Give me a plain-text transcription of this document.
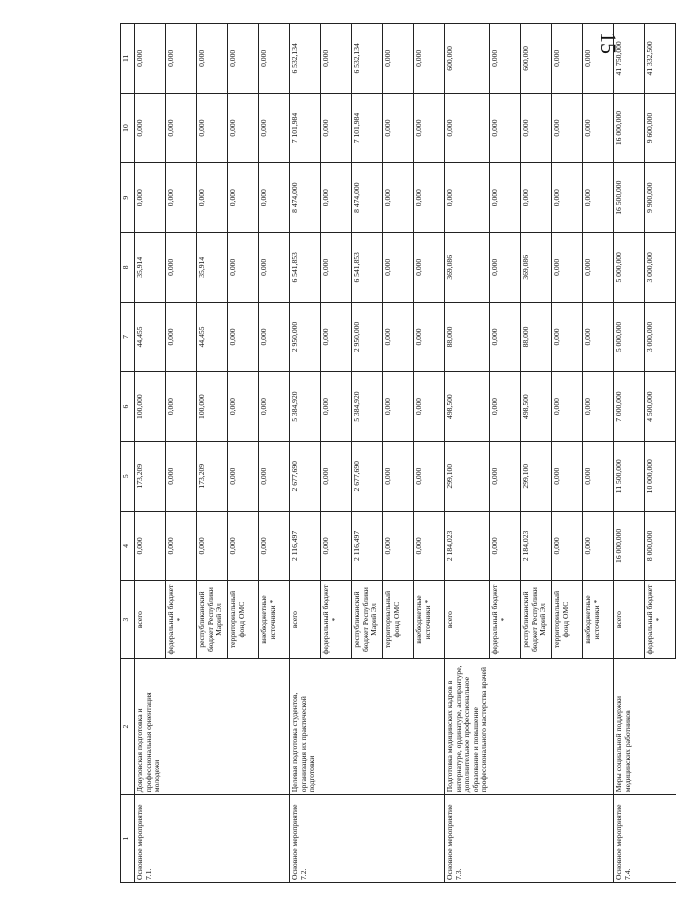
15
1	2	3	4	5	6	7	8	9	10	11
Основное мероприятие 7.1.	Довузовская подготовка и профессиональная ориентация молодежи	всего	0,000	173,209	100,000	44,455	35,914	0,000	0,000	0,000
		федеральный бюджет *	0,000	0,000	0,000	0,000	0,000	0,000	0,000	0,000
		республиканский бюджет Республики Марий Эл	0,000	173,209	100,000	44,455	35,914	0,000	0,000	0,000
		территориальный фонд ОМС	0,000	0,000	0,000	0,000	0,000	0,000	0,000	0,000
		внебюджетные источники *	0,000	0,000	0,000	0,000	0,000	0,000	0,000	0,000
Основное мероприятие 7.2.	Целевая подготовка студентов, организация их практической подготовки	всего	2 116,497	2 677,690	5 384,920	2 950,000	6 541,853	8 474,000	7 101,984	6 532,134
		федеральный бюджет *	0,000	0,000	0,000	0,000	0,000	0,000	0,000	0,000
		республиканский бюджет Республики Марий Эл	2 116,497	2 677,690	5 384,920	2 950,000	6 541,853	8 474,000	7 101,984	6 532,134
		территориальный фонд ОМС	0,000	0,000	0,000	0,000	0,000	0,000	0,000	0,000
		внебюджетные источники *	0,000	0,000	0,000	0,000	0,000	0,000	0,000	0,000
Основное мероприятие 7.3.	Подготовка медицинских кадров в интернатуре, ординатуре, аспирантуре, дополнительное профессиональное образование и повышение профессионального мастерства врачей	всего	2 184,023	299,100	498,500	88,000	369,086	0,000	0,000	600,000
		федеральный бюджет *	0,000	0,000	0,000	0,000	0,000	0,000	0,000	0,000
		республиканский бюджет Республики Марий Эл	2 184,023	299,100	498,500	88,000	369,086	0,000	0,000	600,000
		территориальный фонд ОМС	0,000	0,000	0,000	0,000	0,000	0,000	0,000	0,000
		внебюджетные источники *	0,000	0,000	0,000	0,000	0,000	0,000	0,000	0,000
Основное мероприятие 7.4.	Меры социальной поддержки медицинских работников	всего	16 000,000	11 500,000	7 000,000	5 000,000	5 000,000	16 500,000	16 000,000	41 750,000
		федеральный бюджет *	8 000,000	10 000,000	4 500,000	3 000,000	3 000,000	9 900,000	9 600,000	41 332,500
